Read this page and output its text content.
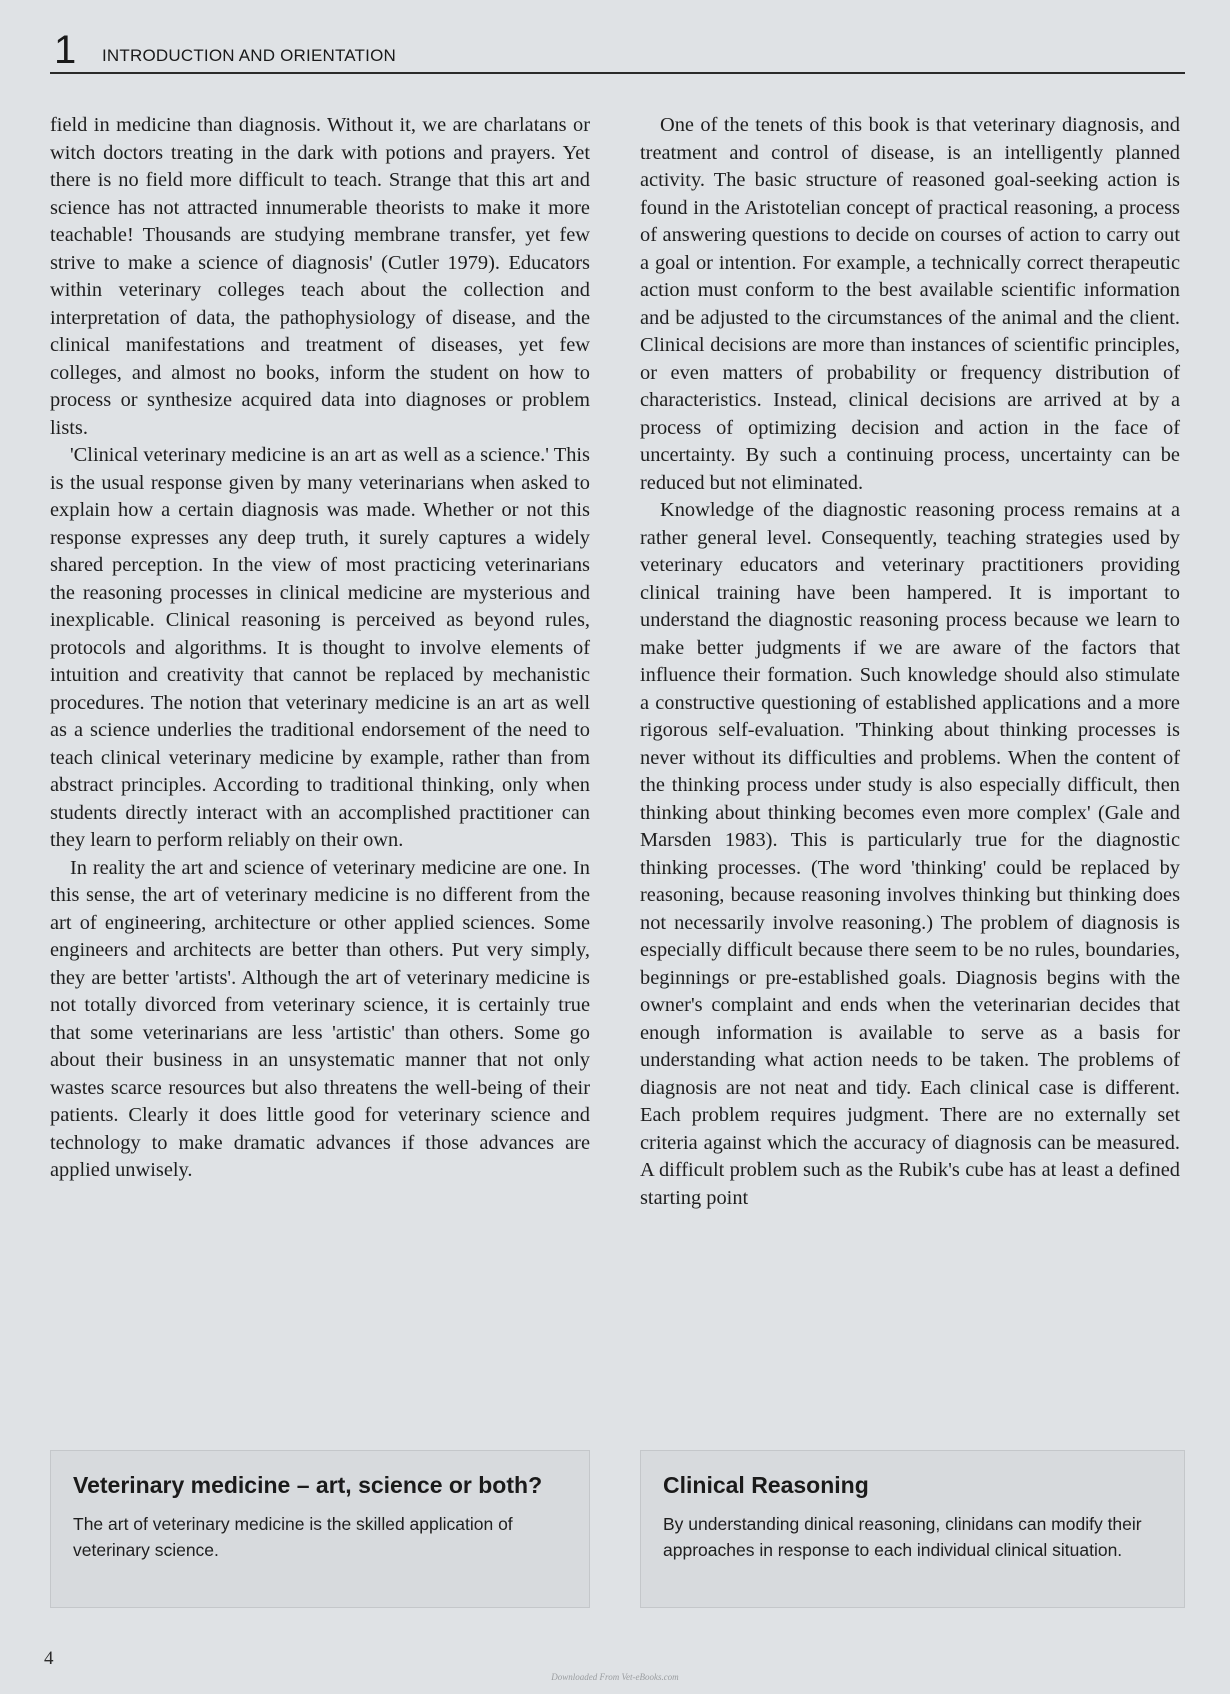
1 INTRODUCTION AND ORIENTATION

field in medicine than diagnosis. Without it, we are charlatans or witch doctors treating in the dark with potions and prayers. Yet there is no field more difficult to teach. Strange that this art and science has not attracted innumerable theorists to make it more teachable! Thousands are studying membrane transfer, yet few strive to make a science of diagnosis' (Cutler 1979). Educators within veterinary colleges teach about the collection and interpretation of data, the pathophysiology of disease, and the clinical manifestations and treatment of diseases, yet few colleges, and almost no books, inform the student on how to process or synthesize acquired data into diagnoses or problem lists.

'Clinical veterinary medicine is an art as well as a science.' This is the usual response given by many veterinarians when asked to explain how a certain diagnosis was made. Whether or not this response expresses any deep truth, it surely captures a widely shared perception. In the view of most practicing veterinarians the reasoning processes in clinical medicine are mysterious and inexplicable. Clinical reasoning is perceived as beyond rules, protocols and algorithms. It is thought to involve elements of intuition and creativity that cannot be replaced by mechanistic procedures. The notion that veterinary medicine is an art as well as a science underlies the traditional endorsement of the need to teach clinical veterinary medicine by example, rather than from abstract principles. According to traditional thinking, only when students directly interact with an accomplished practitioner can they learn to perform reliably on their own.

In reality the art and science of veterinary medicine are one. In this sense, the art of veterinary medicine is no different from the art of engineering, architecture or other applied sciences. Some engineers and architects are better than others. Put very simply, they are better 'artists'. Although the art of veterinary medicine is not totally divorced from veterinary science, it is certainly true that some veterinarians are less 'artistic' than others. Some go about their business in an unsystematic manner that not only wastes scarce resources but also threatens the well-being of their patients. Clearly it does little good for veterinary science and technology to make dramatic advances if those advances are applied unwisely.

One of the tenets of this book is that veterinary diagnosis, and treatment and control of disease, is an intelligently planned activity. The basic structure of reasoned goal-seeking action is found in the Aristotelian concept of practical reasoning, a process of answering questions to decide on courses of action to carry out a goal or intention. For example, a technically correct therapeutic action must conform to the best available scientific information and be adjusted to the circumstances of the animal and the client. Clinical decisions are more than instances of scientific principles, or even matters of probability or frequency distribution of characteristics. Instead, clinical decisions are arrived at by a process of optimizing decision and action in the face of uncertainty. By such a continuing process, uncertainty can be reduced but not eliminated.

Knowledge of the diagnostic reasoning process remains at a rather general level. Consequently, teaching strategies used by veterinary educators and veterinary practitioners providing clinical training have been hampered. It is important to understand the diagnostic reasoning process because we learn to make better judgments if we are aware of the factors that influence their formation. Such knowledge should also stimulate a constructive questioning of established applications and a more rigorous self-evaluation. 'Thinking about thinking processes is never without its difficulties and problems. When the content of the thinking process under study is also especially difficult, then thinking about thinking becomes even more complex' (Gale and Marsden 1983). This is particularly true for the diagnostic thinking processes. (The word 'thinking' could be replaced by reasoning, because reasoning involves thinking but thinking does not necessarily involve reasoning.) The problem of diagnosis is especially difficult because there seem to be no rules, boundaries, beginnings or pre-established goals. Diagnosis begins with the owner's complaint and ends when the veterinarian decides that enough information is available to serve as a basis for understanding what action needs to be taken. The problems of diagnosis are not neat and tidy. Each clinical case is different. Each problem requires judgment. There are no externally set criteria against which the accuracy of diagnosis can be measured. A difficult problem such as the Rubik's cube has at least a defined starting point

Veterinary medicine – art, science or both?

The art of veterinary medicine is the skilled application of veterinary science.

Clinical Reasoning

By understanding dinical reasoning, clinidans can modify their approaches in response to each individual clinical situation.

4
Downloaded From Vet-eBooks.com
